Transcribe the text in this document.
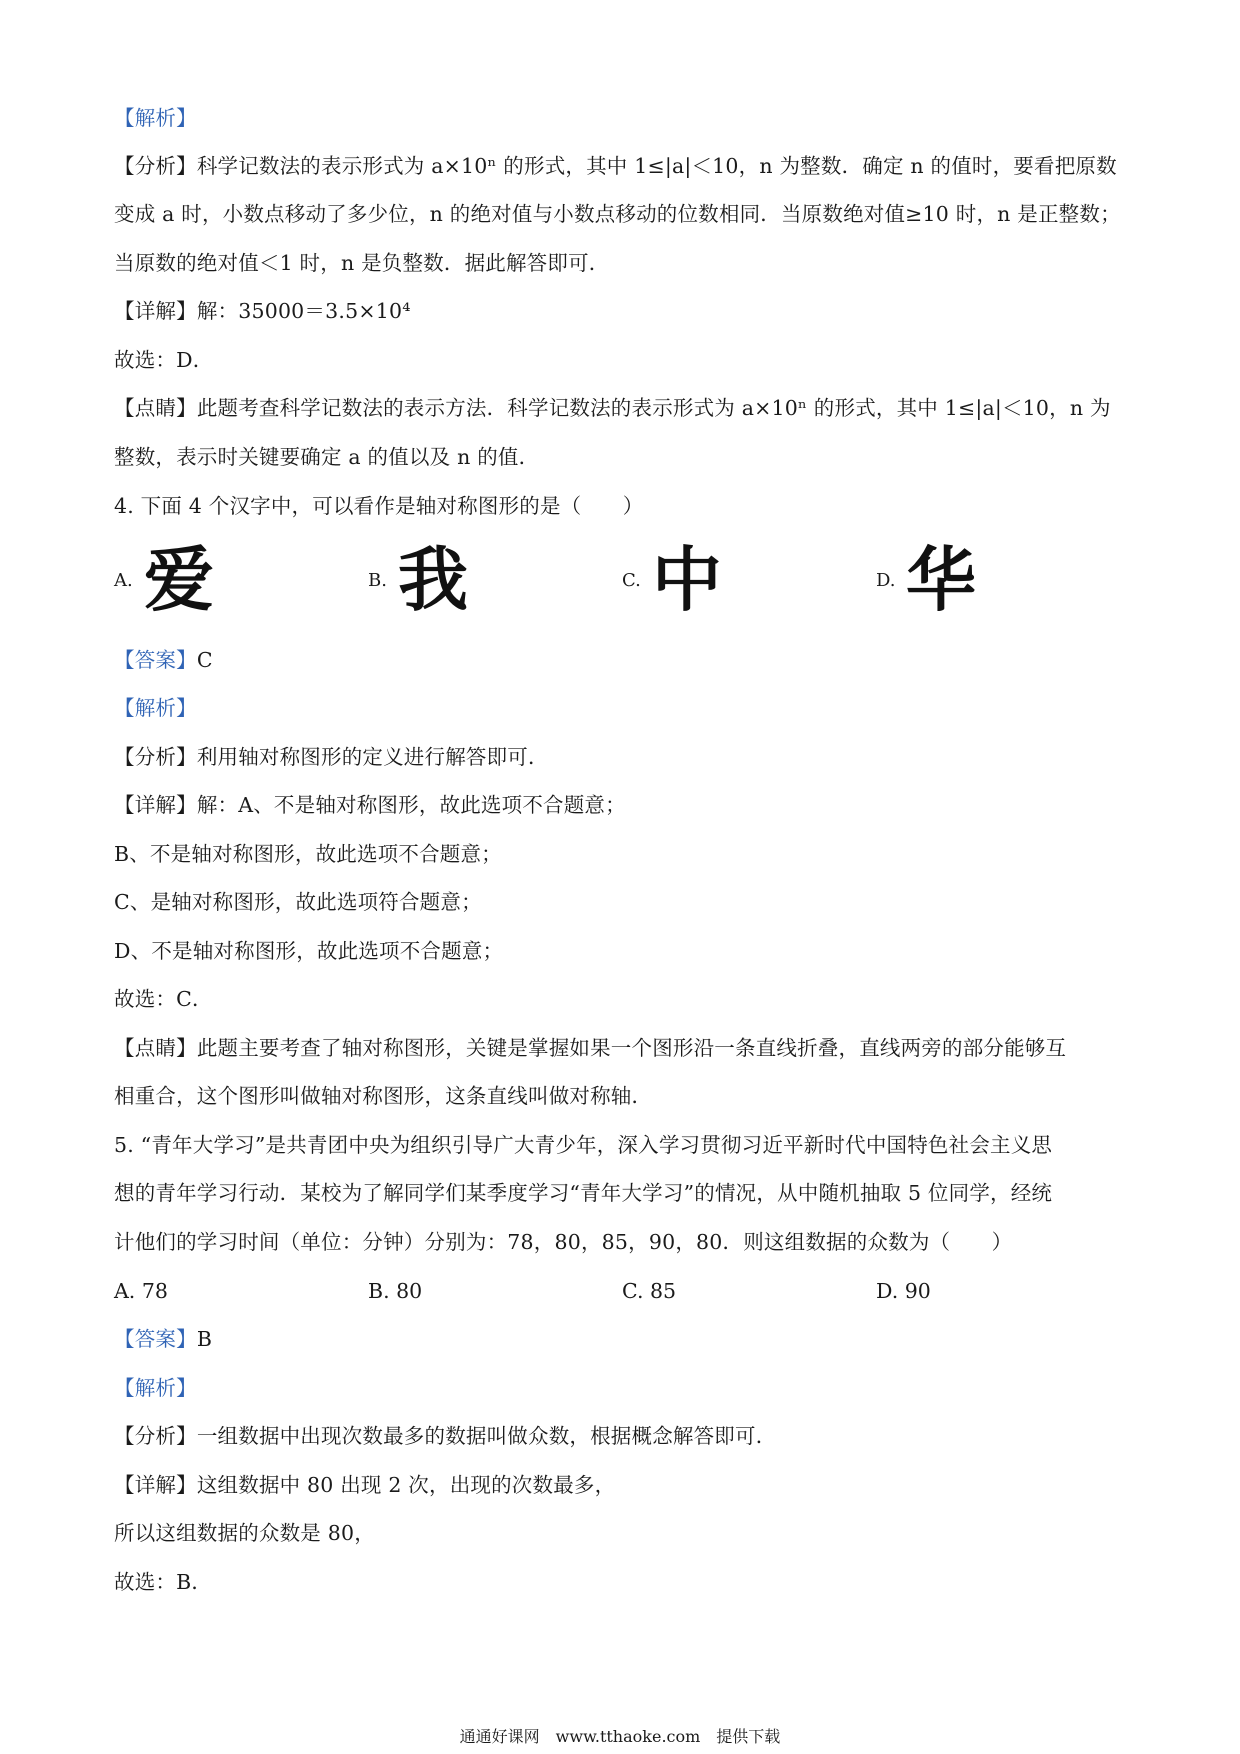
【解析】
【分析】科学记数法的表示形式为 a×10ⁿ 的形式，其中 1≤|a|＜10，n 为整数．确定 n 的值时，要看把原数
变成 a 时，小数点移动了多少位，n 的绝对值与小数点移动的位数相同．当原数绝对值≥10 时，n 是正整数；
当原数的绝对值＜1 时，n 是负整数．据此解答即可．
【详解】解：35000＝3.5×10⁴
故选：D．
【点睛】此题考查科学记数法的表示方法．科学记数法的表示形式为 a×10ⁿ 的形式，其中 1≤|a|＜10，n 为
整数，表示时关键要确定 a 的值以及 n 的值．
4. 下面 4 个汉字中，可以看作是轴对称图形的是（　　）
A. 爱	B. 我	C. 中	D. 华
【答案】C
【解析】
【分析】利用轴对称图形的定义进行解答即可．
【详解】解：A、不是轴对称图形，故此选项不合题意；
B、不是轴对称图形，故此选项不合题意；
C、是轴对称图形，故此选项符合题意；
D、不是轴对称图形，故此选项不合题意；
故选：C．
【点睛】此题主要考查了轴对称图形，关键是掌握如果一个图形沿一条直线折叠，直线两旁的部分能够互
相重合，这个图形叫做轴对称图形，这条直线叫做对称轴．
5. “青年大学习”是共青团中央为组织引导广大青少年，深入学习贯彻习近平新时代中国特色社会主义思
想的青年学习行动．某校为了解同学们某季度学习“青年大学习”的情况，从中随机抽取 5 位同学，经统
计他们的学习时间（单位：分钟）分别为：78，80，85，90，80．则这组数据的众数为（　　）
A. 78	B. 80	C. 85	D. 90
【答案】B
【解析】
【分析】一组数据中出现次数最多的数据叫做众数，根据概念解答即可．
【详解】这组数据中 80 出现 2 次，出现的次数最多，
所以这组数据的众数是 80，
故选：B．
通通好课网　www.tthaoke.com　提供下载
